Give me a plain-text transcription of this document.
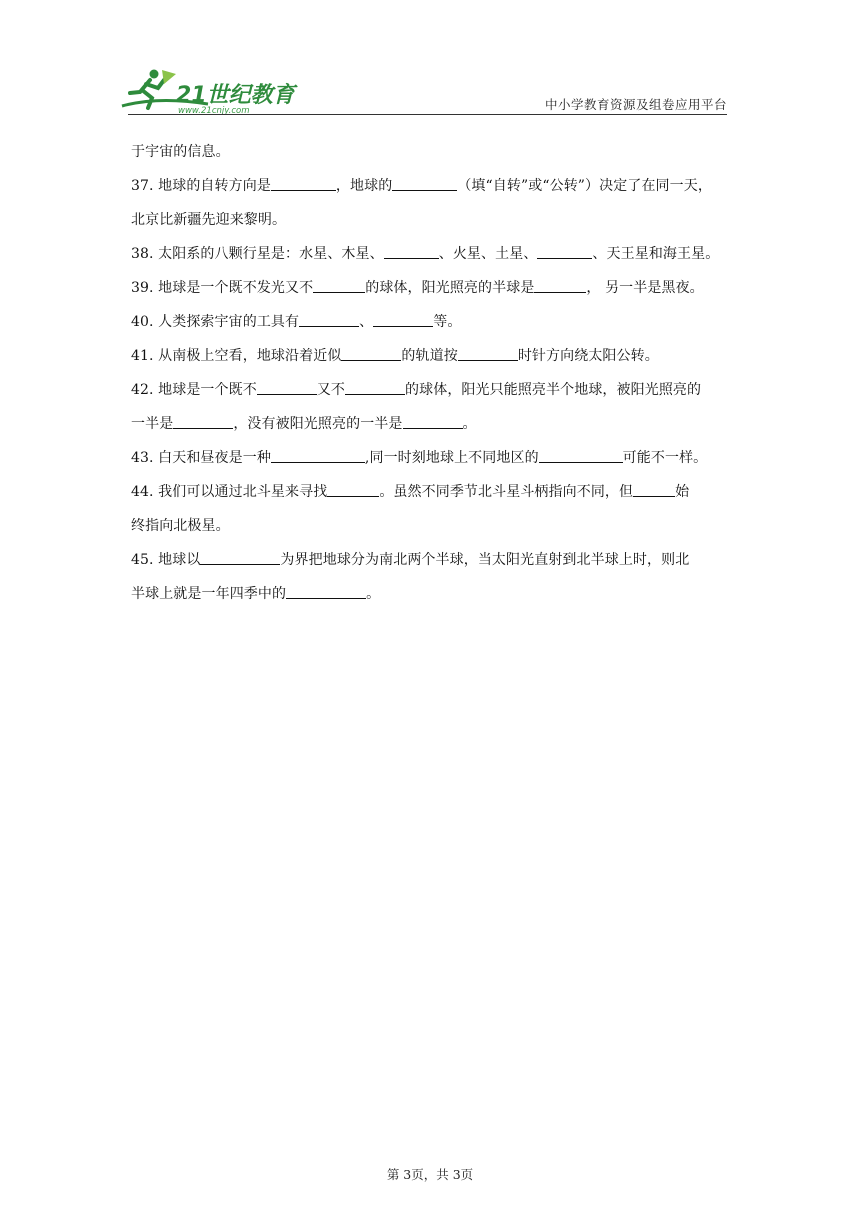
21世纪教育
www.21cnjy.com	中小学教育资源及组卷应用平台
于宇宙的信息。
37. 地球的自转方向是	，地球的	（填“自转”或“公转”）决定了在同一天，
北京比新疆先迎来黎明。
38. 太阳系的八颗行星是：水星、木星、	、火星、土星、	、天王星和海王星。
39. 地球是一个既不发光又不	的球体，阳光照亮的半球是	， 另一半是黑夜。
40. 人类探索宇宙的工具有	、	等。
41. 从南极上空看，地球沿着近似	的轨道按	时针方向绕太阳公转。
42. 地球是一个既不	又不	的球体，阳光只能照亮半个地球，被阳光照亮的
一半是	，没有被阳光照亮的一半是	。
43. 白天和昼夜是一种	,同一时刻地球上不同地区的	可能不一样。
44. 我们可以通过北斗星来寻找	。虽然不同季节北斗星斗柄指向不同，但	始
终指向北极星。
45. 地球以	为界把地球分为南北两个半球，当太阳光直射到北半球上时，则北
半球上就是一年四季中的	。
第 3页，共 3页
